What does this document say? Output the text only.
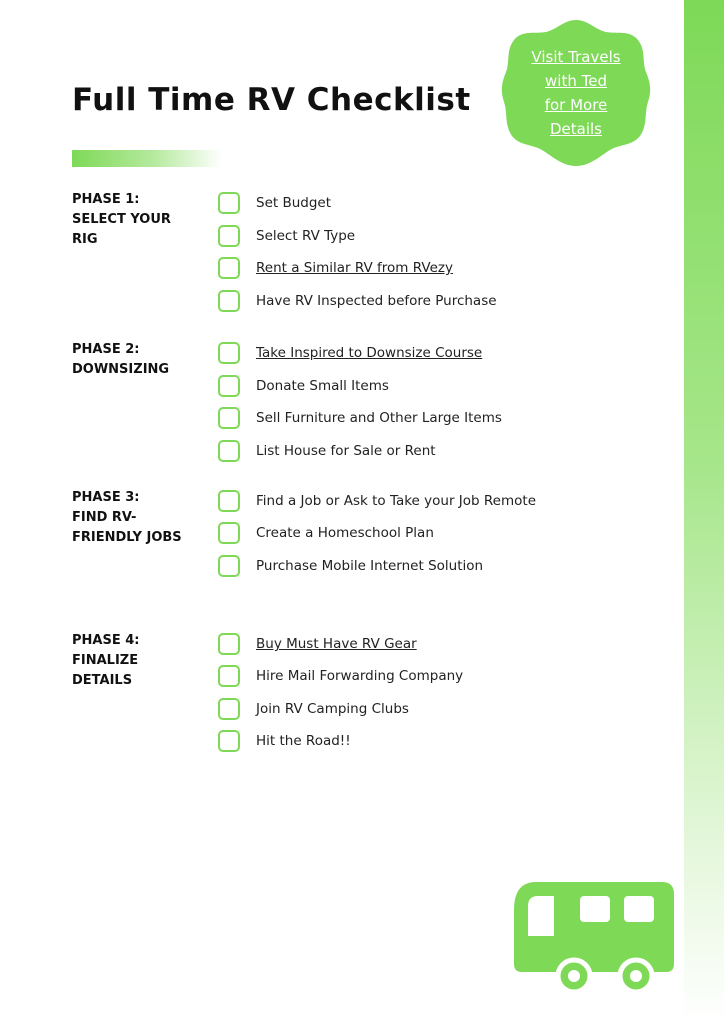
Full Time RV Checklist
Visit Travels
with Ted
for More
Details
PHASE 1:
SELECT YOUR
RIG
Set Budget
Select RV Type
Rent a Similar RV from RVezy
Have RV Inspected before Purchase
PHASE 2:
DOWNSIZING
Take Inspired to Downsize Course
Donate Small Items
Sell Furniture and Other Large Items
List House for Sale or Rent
PHASE 3:
FIND RV-
FRIENDLY JOBS
Find a Job or Ask to Take your Job Remote
Create a Homeschool Plan
Purchase Mobile Internet Solution
PHASE 4:
FINALIZE
DETAILS
Buy Must Have RV Gear
Hire Mail Forwarding Company
Join RV Camping Clubs
Hit the Road!!
